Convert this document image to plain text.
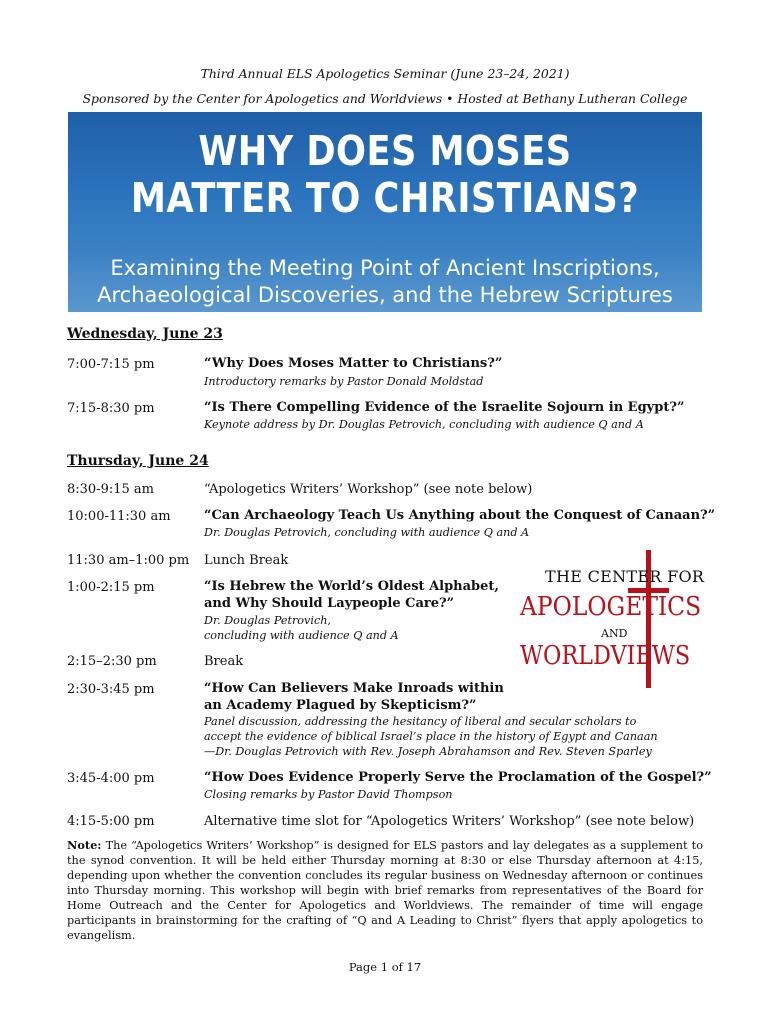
Third Annual ELS Apologetics Seminar (June 23–24, 2021)
Sponsored by the Center for Apologetics and Worldviews • Hosted at Bethany Lutheran College
WHY DOES MOSES
MATTER TO CHRISTIANS?
Examining the Meeting Point of Ancient Inscriptions,
Archaeological Discoveries, and the Hebrew Scriptures
Wednesday, June 23
7:00-7:15 pm	“Why Does Moses Matter to Christians?”
Introductory remarks by Pastor Donald Moldstad
7:15-8:30 pm	“Is There Compelling Evidence of the Israelite Sojourn in Egypt?”
Keynote address by Dr. Douglas Petrovich, concluding with audience Q and A
Thursday, June 24
8:30-9:15 am	“Apologetics Writers’ Workshop” (see note below)
10:00-11:30 am	“Can Archaeology Teach Us Anything about the Conquest of Canaan?”
Dr. Douglas Petrovich, concluding with audience Q and A
11:30 am–1:00 pm Lunch Break
1:00-2:15 pm	“Is Hebrew the World’s Oldest Alphabet,
and Why Should Laypeople Care?”
Dr. Douglas Petrovich,
concluding with audience Q and A
2:15–2:30 pm	Break
2:30-3:45 pm	“How Can Believers Make Inroads within
an Academy Plagued by Skepticism?”
Panel discussion, addressing the hesitancy of liberal and secular scholars to
accept the evidence of biblical Israel’s place in the history of Egypt and Canaan
—Dr. Douglas Petrovich with Rev. Joseph Abrahamson and Rev. Steven Sparley
3:45-4:00 pm	“How Does Evidence Properly Serve the Proclamation of the Gospel?”
Closing remarks by Pastor David Thompson
4:15-5:00 pm	Alternative time slot for “Apologetics Writers’ Workshop” (see note below)
THE CENTER FOR
APOLOGETICS
AND
WORLDVIEWS
Note: The “Apologetics Writers’ Workshop” is designed for ELS pastors and lay delegates as a supplement to the synod convention. It will be held either Thursday morning at 8:30 or else Thursday afternoon at 4:15, depending upon whether the convention concludes its regular business on Wednesday afternoon or continues into Thursday morning. This workshop will begin with brief remarks from representatives of the Board for Home Outreach and the Center for Apologetics and Worldviews. The remainder of time will engage participants in brainstorming for the crafting of “Q and A Leading to Christ” flyers that apply apologetics to evangelism.
Page 1 of 17
